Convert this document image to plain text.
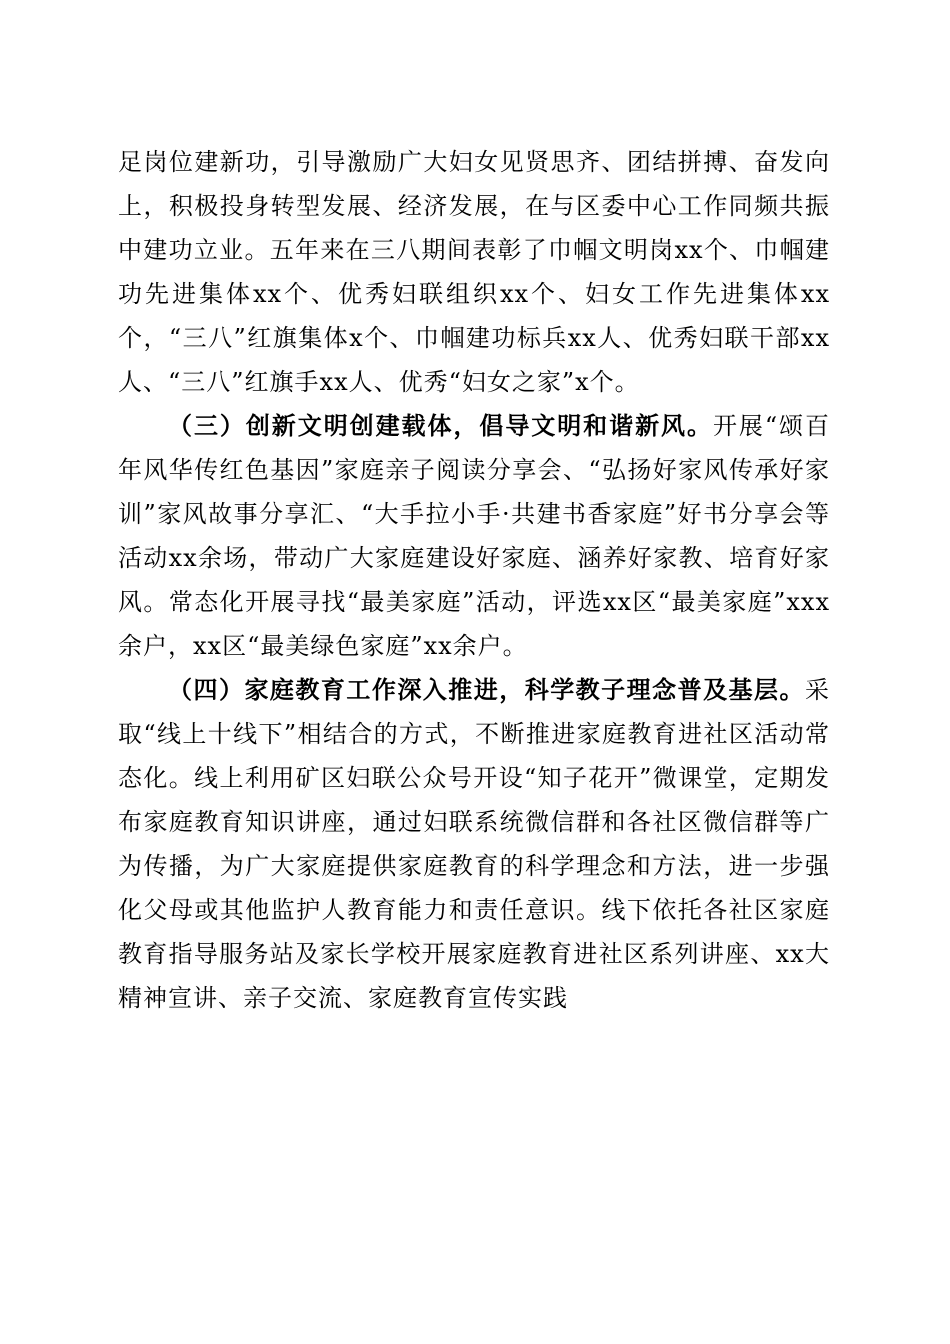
足岗位建新功，引导激励广大妇女见贤思齐、团结拼搏、奋发向上，积极投身转型发展、经济发展，在与区委中心工作同频共振中建功立业。五年来在三八期间表彰了巾帼文明岗xx个、巾帼建功先进集体xx个、优秀妇联组织xx个、妇女工作先进集体xx个，“三八”红旗集体x个、巾帼建功标兵xx人、优秀妇联干部xx人、“三八”红旗手xx人、优秀“妇女之家”x个。

（三）创新文明创建载体，倡导文明和谐新风。开展“颂百年风华传红色基因”家庭亲子阅读分享会、“弘扬好家风传承好家训”家风故事分享汇、“大手拉小手·共建书香家庭”好书分享会等活动xx余场，带动广大家庭建设好家庭、涵养好家教、培育好家风。常态化开展寻找“最美家庭”活动，评选xx区“最美家庭”xxx余户，xx区“最美绿色家庭”xx余户。

（四）家庭教育工作深入推进，科学教子理念普及基层。采取“线上十线下”相结合的方式，不断推进家庭教育进社区活动常态化。线上利用矿区妇联公众号开设“知子花开”微课堂，定期发布家庭教育知识讲座，通过妇联系统微信群和各社区微信群等广为传播，为广大家庭提供家庭教育的科学理念和方法，进一步强化父母或其他监护人教育能力和责任意识。线下依托各社区家庭教育指导服务站及家长学校开展家庭教育进社区系列讲座、xx大精神宣讲、亲子交流、家庭教育宣传实践
